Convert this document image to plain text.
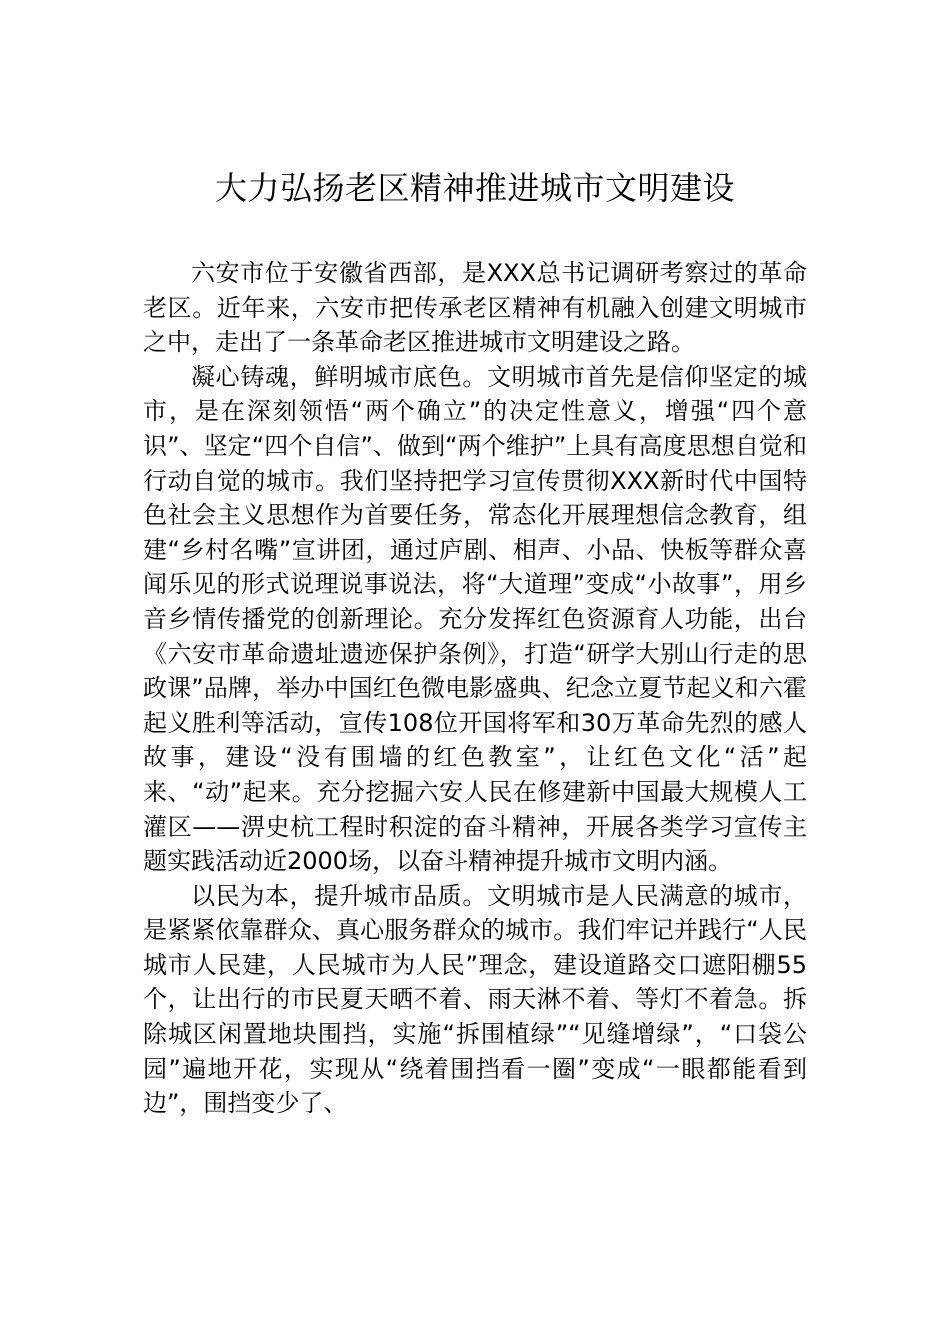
大力弘扬老区精神推进城市文明建设

六安市位于安徽省西部，是XXX总书记调研考察过的革命老区。近年来，六安市把传承老区精神有机融入创建文明城市之中，走出了一条革命老区推进城市文明建设之路。

凝心铸魂，鲜明城市底色。文明城市首先是信仰坚定的城市，是在深刻领悟“两个确立”的决定性意义，增强“四个意识”、坚定“四个自信”、做到“两个维护”上具有高度思想自觉和行动自觉的城市。我们坚持把学习宣传贯彻XXX新时代中国特色社会主义思想作为首要任务，常态化开展理想信念教育，组建“乡村名嘴”宣讲团，通过庐剧、相声、小品、快板等群众喜闻乐见的形式说理说事说法，将“大道理”变成“小故事”，用乡音乡情传播党的创新理论。充分发挥红色资源育人功能，出台《六安市革命遗址遗迹保护条例》，打造“研学大别山行走的思政课”品牌，举办中国红色微电影盛典、纪念立夏节起义和六霍起义胜利等活动，宣传108位开国将军和30万革命先烈的感人故事，建设“没有围墙的红色教室”，让红色文化“活”起来、“动”起来。充分挖掘六安人民在修建新中国最大规模人工灌区——淠史杭工程时积淀的奋斗精神，开展各类学习宣传主题实践活动近2000场，以奋斗精神提升城市文明内涵。

以民为本，提升城市品质。文明城市是人民满意的城市，是紧紧依靠群众、真心服务群众的城市。我们牢记并践行“人民城市人民建，人民城市为人民”理念，建设道路交口遮阳棚55个，让出行的市民夏天晒不着、雨天淋不着、等灯不着急。拆除城区闲置地块围挡，实施“拆围植绿”“见缝增绿”，“口袋公园”遍地开花，实现从“绕着围挡看一圈”变成“一眼都能看到边”，围挡变少了、
